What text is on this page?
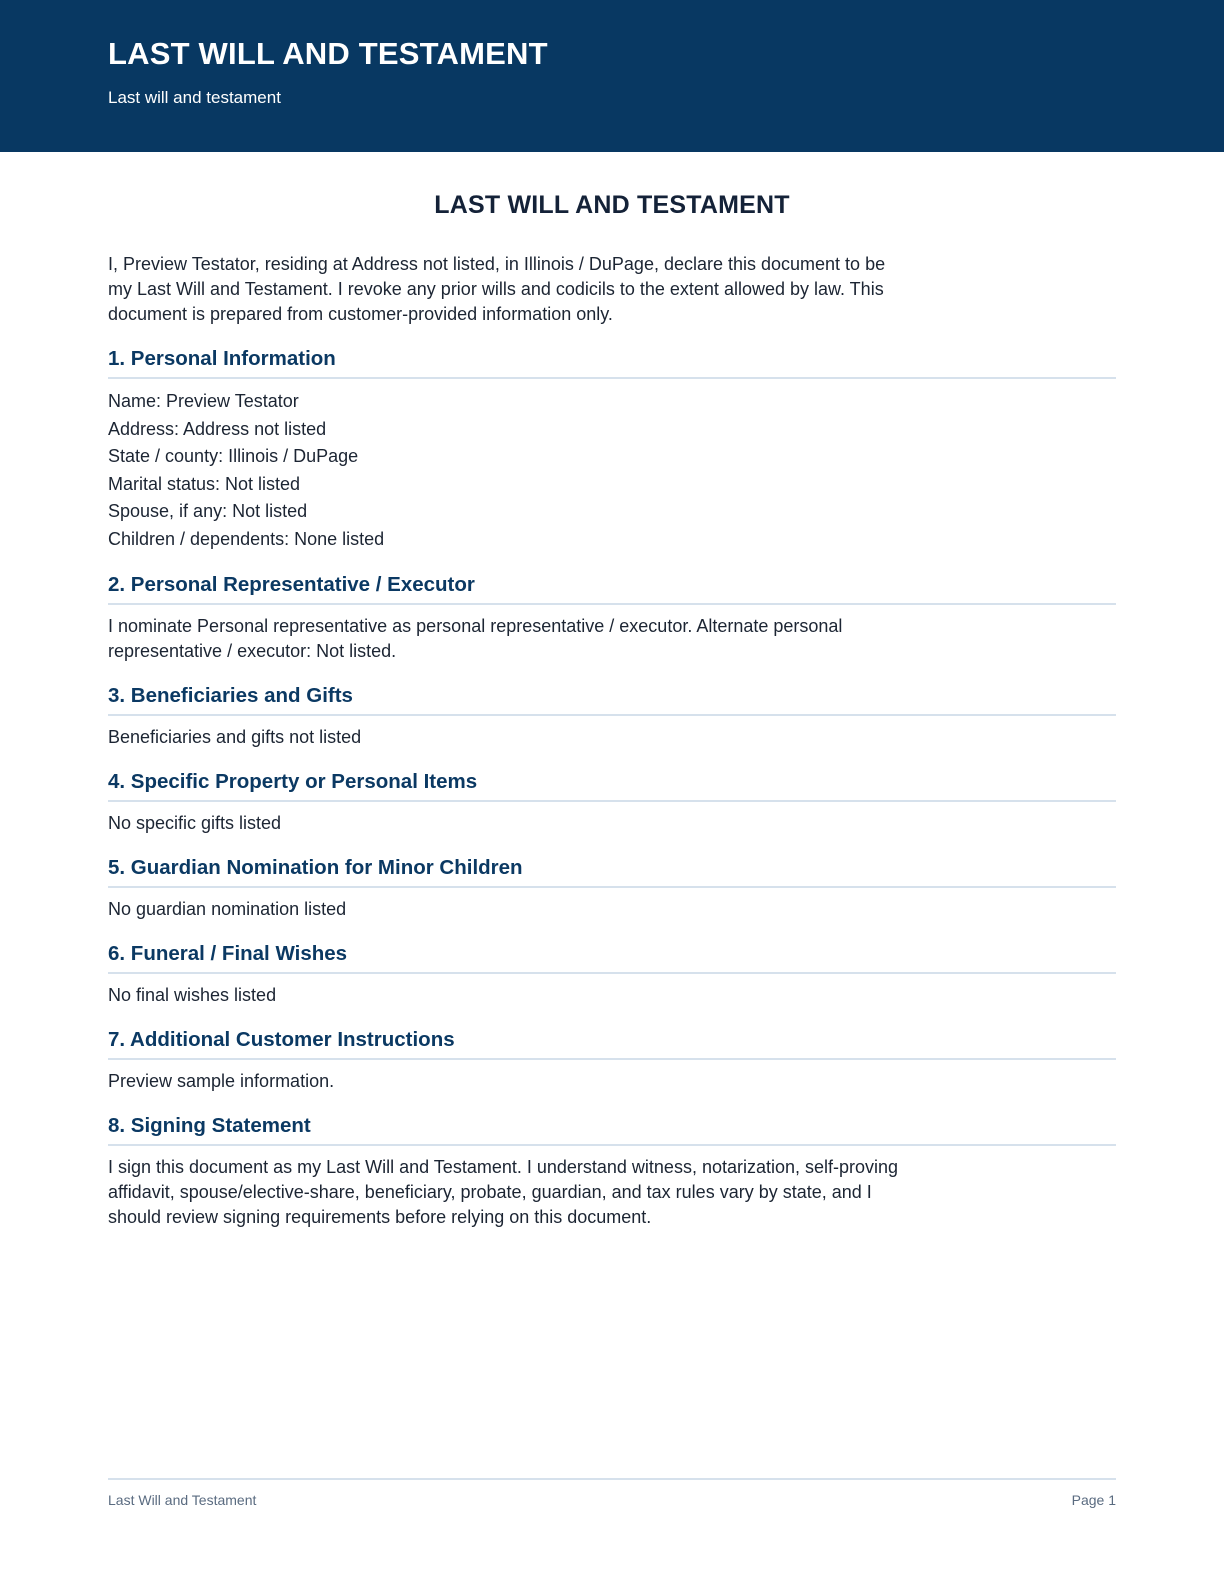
LAST WILL AND TESTAMENT

Last will and testament

LAST WILL AND TESTAMENT

I, Preview Testator, residing at Address not listed, in Illinois / DuPage, declare this document to be my Last Will and Testament. I revoke any prior wills and codicils to the extent allowed by law. This document is prepared from customer-provided information only.

1. Personal Information
Name: Preview Testator
Address: Address not listed
State / county: Illinois / DuPage
Marital status: Not listed
Spouse, if any: Not listed
Children / dependents: None listed
2. Personal Representative / Executor

I nominate Personal representative as personal representative / executor. Alternate personal representative / executor: Not listed.

3. Beneficiaries and Gifts

Beneficiaries and gifts not listed

4. Specific Property or Personal Items

No specific gifts listed

5. Guardian Nomination for Minor Children

No guardian nomination listed

6. Funeral / Final Wishes

No final wishes listed

7. Additional Customer Instructions

Preview sample information.

8. Signing Statement

I sign this document as my Last Will and Testament. I understand witness, notarization, self-proving affidavit, spouse/elective-share, beneficiary, probate, guardian, and tax rules vary by state, and I should review signing requirements before relying on this document.

Last Will and Testament	Page 1
